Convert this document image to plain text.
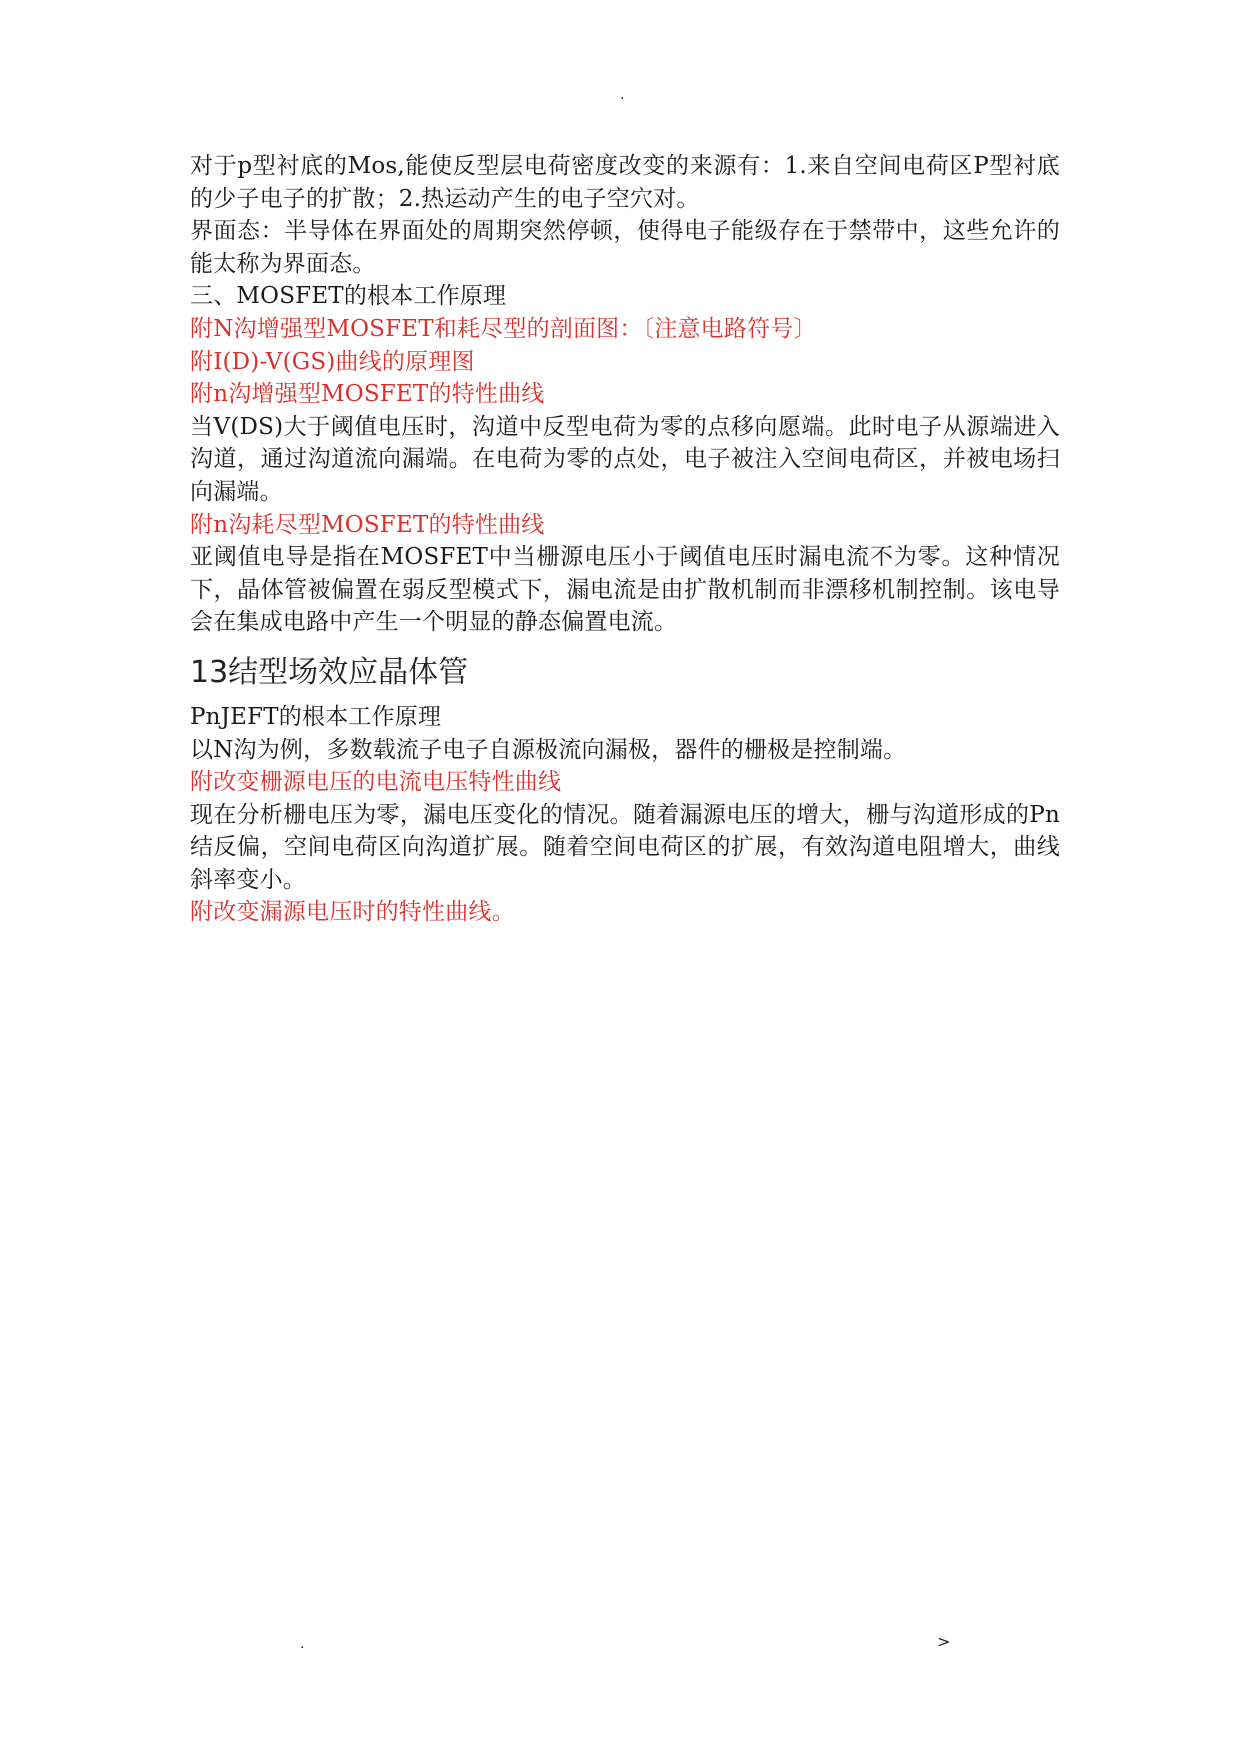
.

对于p型衬底的Mos,能使反型层电荷密度改变的来源有：1.来自空间电荷区P型衬底的少子电子的扩散；2.热运动产生的电子空穴对。

界面态：半导体在界面处的周期突然停顿，使得电子能级存在于禁带中，这些允许的能太称为界面态。

三、MOSFET的根本工作原理

附N沟增强型MOSFET和耗尽型的剖面图：〔注意电路符号〕

附I(D)-V(GS)曲线的原理图

附n沟增强型MOSFET的特性曲线

当V(DS)大于阈值电压时，沟道中反型电荷为零的点移向愿端。此时电子从源端进入沟道，通过沟道流向漏端。在电荷为零的点处，电子被注入空间电荷区，并被电场扫向漏端。

附n沟耗尽型MOSFET的特性曲线

亚阈值电导是指在MOSFET中当栅源电压小于阈值电压时漏电流不为零。这种情况下，晶体管被偏置在弱反型模式下，漏电流是由扩散机制而非漂移机制控制。该电导会在集成电路中产生一个明显的静态偏置电流。

13结型场效应晶体管

PnJEFT的根本工作原理

以N沟为例，多数载流子电子自源极流向漏极，器件的栅极是控制端。

附改变栅源电压的电流电压特性曲线

现在分析栅电压为零，漏电压变化的情况。随着漏源电压的增大，栅与沟道形成的Pn结反偏，空间电荷区向沟道扩展。随着空间电荷区的扩展，有效沟道电阻增大，曲线斜率变小。

附改变漏源电压时的特性曲线。

.	>
